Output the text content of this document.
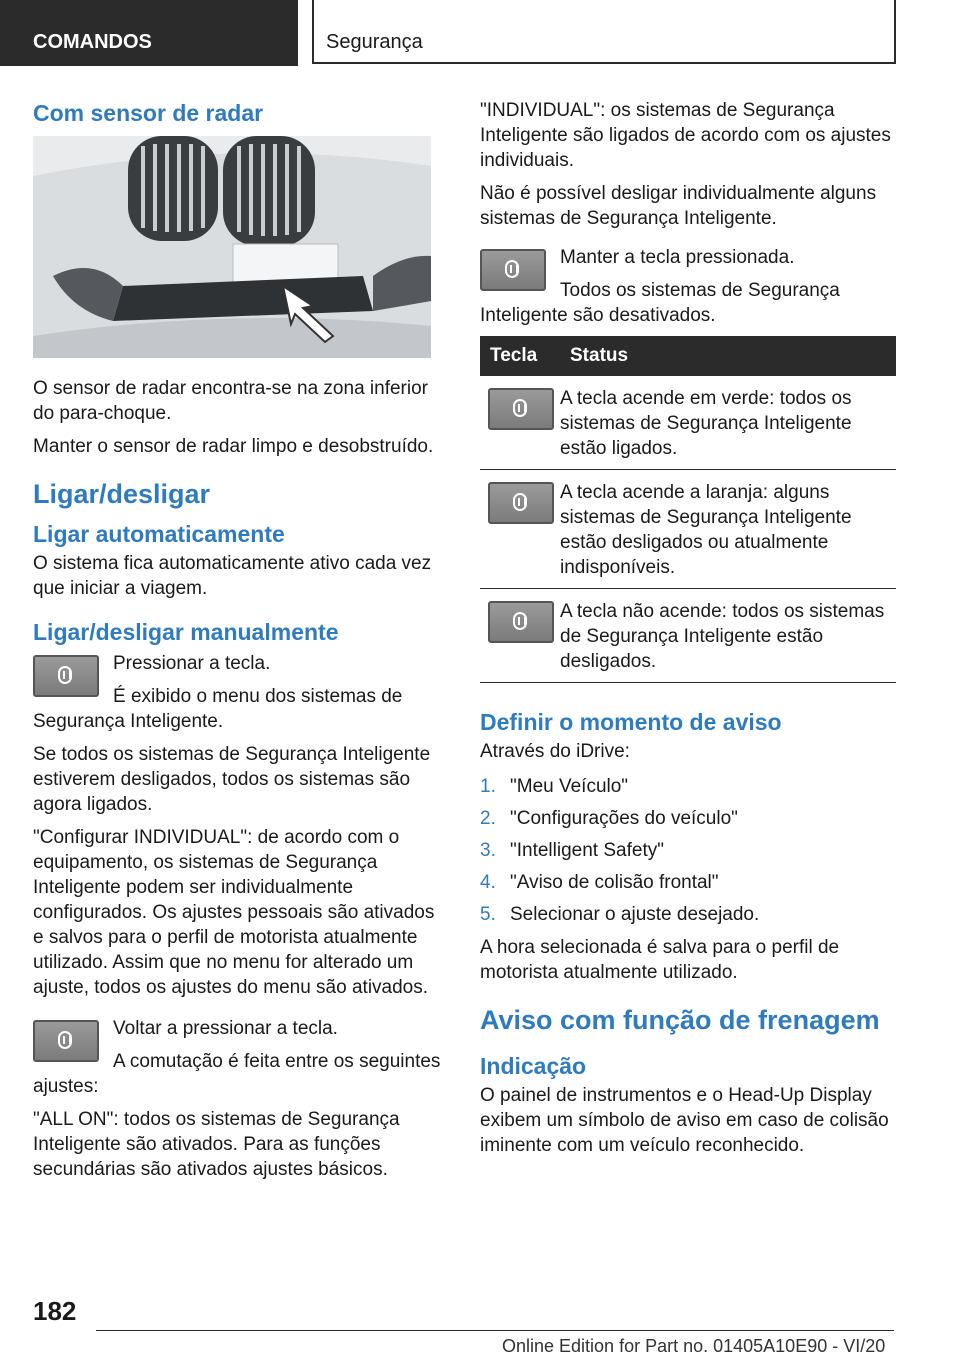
COMANDOS	Segurança
Com sensor de radar

O sensor de radar encontra-se na zona inferior do para-choque.

Manter o sensor de radar limpo e desobstruído.

Ligar/desligar
Ligar automaticamente

O sistema fica automaticamente ativo cada vez que iniciar a viagem.

Ligar/desligar manualmente

Pressionar a tecla.

É exibido o menu dos sistemas de Segurança Inteligente.

Se todos os sistemas de Segurança Inteligente estiverem desligados, todos os sistemas são agora ligados.

"Configurar INDIVIDUAL": de acordo com o equipamento, os sistemas de Segurança Inteligente podem ser individualmente configurados. Os ajustes pessoais são ativados e salvos para o perfil de motorista atualmente utilizado. Assim que no menu for alterado um ajuste, todos os ajustes do menu são ativados.

Voltar a pressionar a tecla.

A comutação é feita entre os seguintes ajustes:

"ALL ON": todos os sistemas de Segurança Inteligente são ativados. Para as funções secundárias são ativados ajustes básicos.

"INDIVIDUAL": os sistemas de Segurança Inteligente são ligados de acordo com os ajustes individuais.

Não é possível desligar individualmente alguns sistemas de Segurança Inteligente.

Manter a tecla pressionada.

Todos os sistemas de Segurança Inteligente são desativados.

Tecla	Status

	A tecla acende em verde: todos os sistemas de Segurança Inteligente estão ligados.

	A tecla acende a laranja: alguns sistemas de Segurança Inteligente estão desligados ou atualmente indisponíveis.

	A tecla não acende: todos os sistemas de Segurança Inteligente estão desligados.
Definir o momento de aviso

Através do iDrive:

1. "Meu Veículo"
2. "Configurações do veículo"
3. "Intelligent Safety"
4. "Aviso de colisão frontal"
5. Selecionar o ajuste desejado.

A hora selecionada é salva para o perfil de motorista atualmente utilizado.

Aviso com função de frenagem
Indicação

O painel de instrumentos e o Head-Up Display exibem um símbolo de aviso em caso de colisão iminente com um veículo reconhecido.

182
Online Edition for Part no. 01405A10E90 - VI/20
